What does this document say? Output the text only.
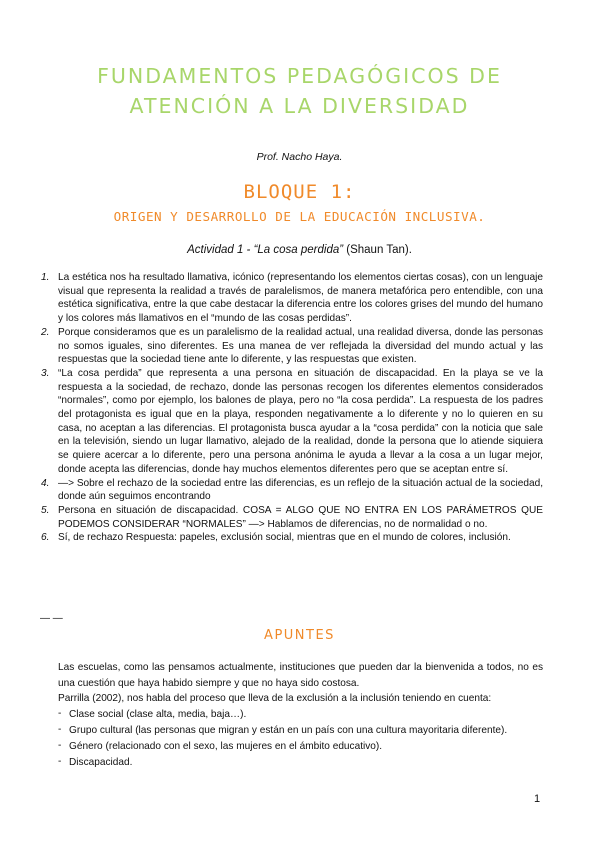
FUNDAMENTOS PEDAGÓGICOS DE
ATENCIÓN A LA DIVERSIDAD
Prof. Nacho Haya.
BLOQUE 1:
ORIGEN Y DESARROLLO DE LA EDUCACIÓN INCLUSIVA.
Actividad 1 - “La cosa perdida” (Shaun Tan).
1. La estética nos ha resultado llamativa, icónico (representando los elementos ciertas cosas), con un lenguaje visual que representa la realidad a través de paralelismos, de manera metafórica pero entendible, con una estética significativa, entre la que cabe destacar la diferencia entre los colores grises del mundo del humano y los colores más llamativos en el “mundo de las cosas perdidas”.
2. Porque consideramos que es un paralelismo de la realidad actual, una realidad diversa, donde las personas no somos iguales, sino diferentes. Es una manea de ver reflejada la diversidad del mundo actual y las respuestas que la sociedad tiene ante lo diferente, y las respuestas que existen.
3. “La cosa perdida” que representa a una persona en situación de discapacidad. En la playa se ve la respuesta a la sociedad, de rechazo, donde las personas recogen los diferentes elementos considerados “normales”, como por ejemplo, los balones de playa, pero no “la cosa perdida”. La respuesta de los padres del protagonista es igual que en la playa, responden negativamente a lo diferente y no lo quieren en su casa, no aceptan a las diferencias. El protagonista busca ayudar a la “cosa perdida” con la noticia que sale en la televisión, siendo un lugar llamativo, alejado de la realidad, donde la persona que lo atiende siquiera se quiere acercar a lo diferente, pero una persona anónima le ayuda a llevar a la cosa a un lugar mejor, donde acepta las diferencias, donde hay muchos elementos diferentes pero que se aceptan entre sí.
4. —> Sobre el rechazo de la sociedad entre las diferencias, es un reflejo de la situación actual de la sociedad, donde aún seguimos encontrando
5. Persona en situación de discapacidad. COSA = ALGO QUE NO ENTRA EN LOS PARÁMETROS QUE PODEMOS CONSIDERAR “NORMALES” —> Hablamos de diferencias, no de normalidad o no.
6. Sí, de rechazo Respuesta: papeles, exclusión social, mientras que en el mundo de colores, inclusión.
— —
APUNTES

Las escuelas, como las pensamos actualmente, instituciones que pueden dar la bienvenida a todos, no es una cuestión que haya habido siempre y que no haya sido costosa.

Parrilla (2002), nos habla del proceso que lleva de la exclusión a la inclusión teniendo en cuenta:

- Clase social (clase alta, media, baja…).
- Grupo cultural (las personas que migran y están en un país con una cultura mayoritaria diferente).
- Género (relacionado con el sexo, las mujeres en el ámbito educativo).
- Discapacidad.
1
